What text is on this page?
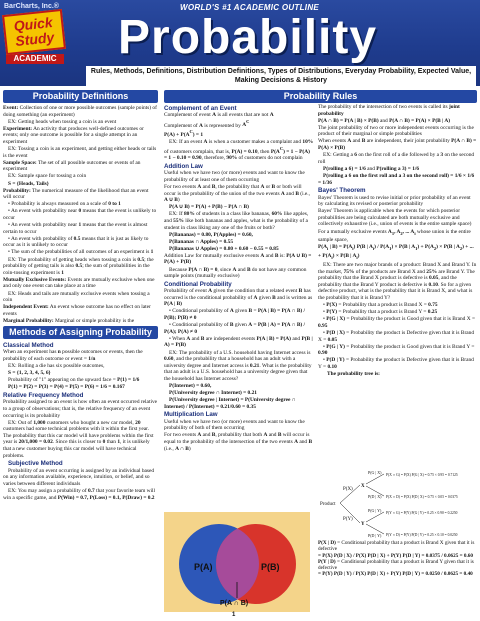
BarCharts, Inc.®
Quick
Study
ACADEMIC
WORLD'S #1 ACADEMIC OUTLINE
Probability
Rules, Methods, Definitions, Distribution Definitions, Types of Distributions, Everyday Probability, Expected Value, Making Decisions & History
Probability Definitions

Event: Collection of one or more possible outcomes (sample points) of doing something (an experiment)

EX: Getting heads when tossing a coin is an event

Experiment: An activity that produces well-defined outcomes or events; only one outcome is possible for a single attempt in an experiment

EX: Tossing a coin is an experiment, and getting either heads or tails is the event

Sample Space: The set of all possible outcomes or events of an experiment

EX: Sample space for tossing a coin

S = {Heads, Tails}

Probability: The numerical measure of the likelihood that an event will occur

• Probability is always measured on a scale of 0 to 1

• An event with probability near 0 means that the event is unlikely to occur

• An event with probability near 1 means that the event is almost certain to occur

• An event with probability of 0.5 means that it is just as likely to occur as it is unlikely to occur

• The sum of the probabilities of all outcomes of an experiment is 1

EX: The probability of getting heads when tossing a coin is 0.5; the probability of getting tails is also 0.5; the sum of probabilities in the coin-tossing experiment is 1

Mutually Exclusive Events: Events are mutually exclusive when one and only one event can take place at a time

EX: Heads and tails are mutually exclusive events when tossing a coin

Independent Event: An event whose outcome has no effect on later events

Marginal Probability: Marginal or simple probability is the

Methods of Assigning Probability
Classical Method

When an experiment has n possible outcomes or events, then the probability of each outcome or event = 1/n

EX: Rolling a die has six possible outcomes,

S = {1, 2, 3, 4, 5, 6}

Probability of "1" appearing on the upward face = P(1) = 1/6

P(1) = P(2) = P(3) = P(4) = P(5) = P(6) = 1/6 = 0.167

Relative Frequency Method

Probability assigned to an event is how often an event occurred relative to a group of observations; that is, the relative frequency of an event occurring is its probability

EX: Out of 1,000 customers who bought a new car model, 20 customers had some technical problems with it within the first year. The probability that this car model will have problems within the first year is 20/1,000 = 0.02. Since this is closer to 0 than 1, it is unlikely that a new customer buying this car model will have technical problems.

Subjective Method

Probability of an event occurring is assigned by an individual based on any information available, experience, intuition, or belief, and so varies between different individuals

EX: You may assign a probability of 0.7 that your favorite team will win a specific game, and P(Win) = 0.7, P(Loss) = 0.1, P(Draw) = 0.2

Probability Rules
Complement of an Event

Complement of event A is all events that are not A

Complement of A is represented by $A^C$

$P(A) + P(A^C) = 1$

EX: If an event A is when a customer makes a complaint and 10% of customers complain, that is, P(A) = 0.10, then $P(A^C) = 1 - P(A) = 1 - 0.10 = 0.90$, therefore, 90% of customers do not complain

Addition Law

Useful when we have two (or more) events and want to know the probability of at least one of them occurring

For two events A and B, the probability that A or B or both will occur is the probability of the union of the two events A and B (i.e., A ∪ B)

P(A ∪ B) = P(A) + P(B) − P(A ∩ B)

EX: If 80% of students in a class like bananas, 60% like apples, and 55% like both bananas and apples, what is the probability of a student in class liking any one of the fruits or both?

P(Bananas) = 0.80, P(Apples) = 0.60,

P(Bananas ∩ Apples) = 0.55

P(Bananas ∪ Apples) = 0.80 + 0.60 − 0.55 = 0.85

Addition Law for mutually exclusive events A and B is: P(A ∪ B) = P(A) + P(B)

Because P(A ∩ B) = 0, since A and B do not have any common sample points (mutually exclusive)

Conditional Probability

Probability of event A given the condition that a related event B has occurred is the conditional probability of A given B and is written as P(A | B)

• Conditional probability of A given B = P(A | B) = P(A ∩ B) / P(B); P(B) ≠ 0

• Conditional probability of B given A = P(B | A) = P(A ∩ B) / P(A); P(A) ≠ 0

• When A and B are independent events P(A | B) = P(A) and P(B | A) = P(B)

EX: The probability of a U.S. household having Internet access is 0.60, and the probability that a household has an adult with a university degree and Internet access is 0.21. What is the probability that an adult is a U.S. household has a university degree given that the household has Internet access?

P(Internet) = 0.60,

P(University degree ∩ Internet) = 0.21

P(University degree | Internet) = P(University degree ∩ Internet) / P(Internet) = 0.21/0.60 = 0.35

Multiplication Law

Useful when we have two (or more) events and want to know the probability of both of them occurring

For two events A and B, probability that both A and B will occur is equal to the probability of the intersection of the two events A and B (i.e., A ∩ B)

The probability of the intersection of two events is called its joint probability

P(A ∩ B) = P(A | B) × P(B) and P(A ∩ B) = P(A) × P(B | A)

The joint probability of two or more independent events occurring is the product of their marginal or simple probabilities

When events A and B are independent, their joint probability P(A ∩ B) = P(A) × P(B)

EX: Getting a 6 on the first roll of a die followed by a 3 on the second roll

P(rolling a 6) = 1/6 and P(rolling a 3) = 1/6

P(rolling a 6 on the first roll and a 3 on the second roll) = 1/6 × 1/6 = 1/36

Bayes' Theorem

Bayes' Theorem is used to revise initial or prior probability of an event by calculating its revised or posterior probability

Bayes' Theorem is applicable when the events for which posterior probabilities are being calculated are both mutually exclusive and collectively exhaustive (i.e., union of events is the entire sample space)

For a mutually exclusive events $A_1$, $A_2$, ... $A_i$ whose union is the entire sample space,

$P(A_i$ | $B) = P(A_i)$ P(B | $A_i) / P(A_1) \times P(B$ | $A_1) + P(A_2) \times P(B$ | $A_2$) + ... + $P(A_i) \times P(B$ | $A_i$)

EX: There are two major brands of a product: Brand X and Brand Y. In the market, 75% of the products are Brand X and 25% are Brand Y. The probability that the Brand X product is defective is 0.05, and the probability that the Brand Y product is defective is 0.10. So for a given defective product, what is the probability that it is Brand X, and what is the probability that it is Brand Y?

• P(X) = Probability that a product is Brand X = 0.75

• P(Y) = Probability that a product is Brand Y = 0.25

• P(G | X) = Probability the product is Good given that it is Brand X = 0.95

• P(D | X) = Probability the product is Defective given that it is Brand X = 0.05

• P(G | Y) = Probability the product is Good given that it is Brand Y = 0.90

• P(D | Y) = Probability the product is Defective given that it is Brand Y = 0.10

The probability tree is:

P(A)	P(B)
P(A ∩ B)
Product
P(X)
P(Y)
X
Y
P(G | X)
P(D | X)
P(G | Y)
P(D | Y)
P(X ∩ G) = P(X) P(G | X) = 0.75 × 0.95 = 0.7125
P(X ∩ D) = P(X) P(D | X) = 0.75 × 0.05 = 0.0375
P(Y ∩ G) = P(Y) P(G | Y) = 0.25 × 0.90 = 0.2250
P(Y ∩ D) = P(Y) P(D | Y) = 0.25 × 0.10 = 0.0250

P(X | D) = Conditional probability that a product is Brand X given that it is defective

= P(X) P(D | X) / P(X) P(D | X) + P(Y) P(D | Y) = 0.0375 / 0.0625 = 0.60

P(Y | D) = Conditional probability that a product is Brand Y given that it is defective

= P(Y) P(D | Y) / P(X) P(D | X) + P(Y) P(D | Y) = 0.0250 / 0.0625 = 0.40

1
